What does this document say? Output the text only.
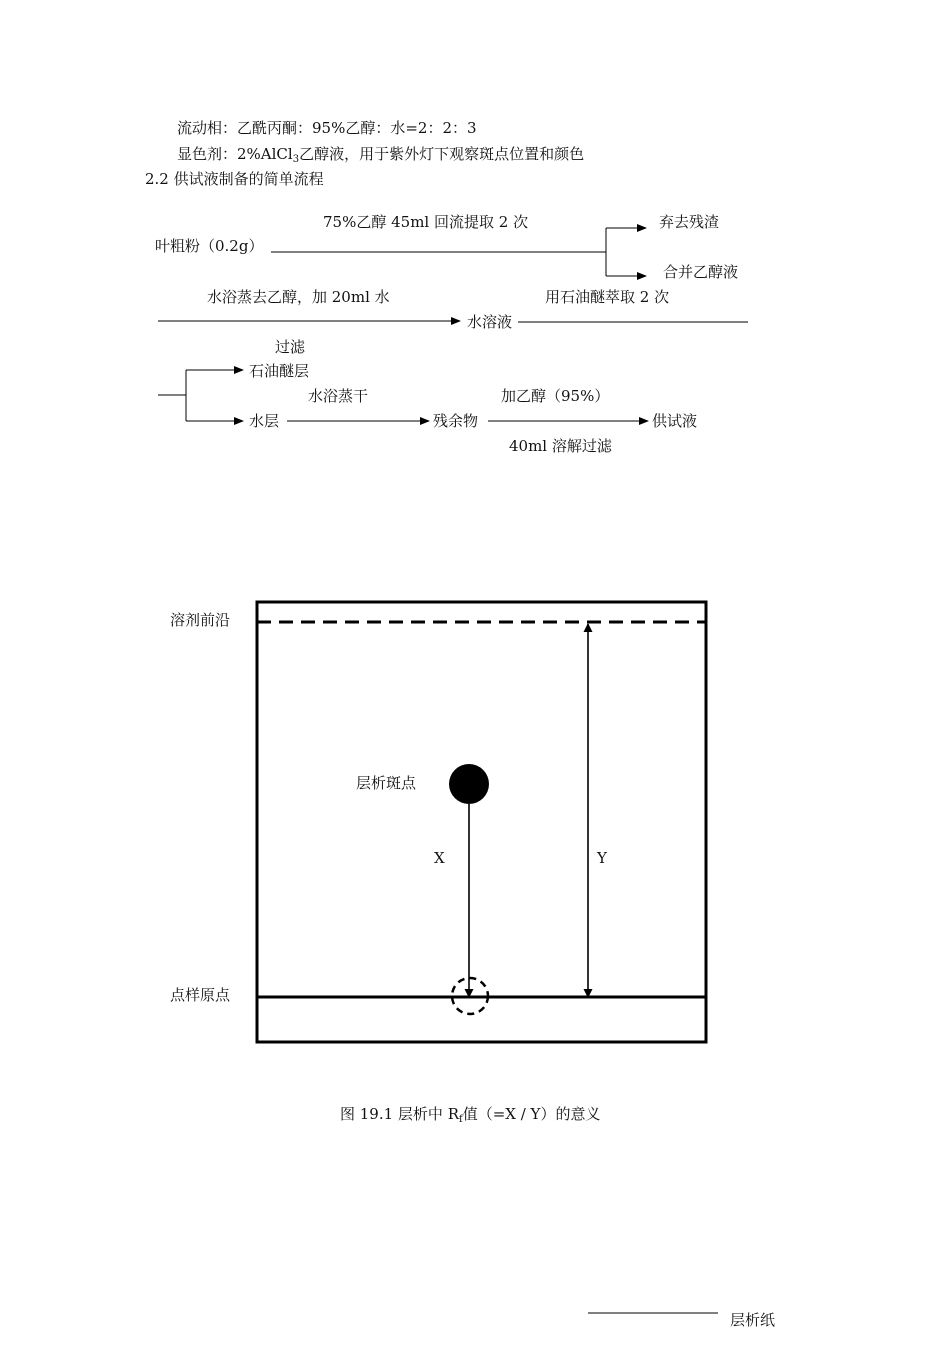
流动相：乙酰丙酮：95%乙醇：水=2：2：3
显色剂：2%AlCl$_3$乙醇液，用于紫外灯下观察斑点位置和颜色
2.2 供试液制备的简单流程
75%乙醇 45ml 回流提取 2 次
叶粗粉（0.2g）
弃去残渣
合并乙醇液
水浴蒸去乙醇，加 20ml 水	用石油醚萃取 2 次
水溶液
过滤
石油醚层
水浴蒸干	加乙醇（95%）
水层	残余物	供试液
40ml 溶解过滤
溶剂前沿
层析斑点
X	Y
点样原点
图 19.1 层析中 $R_f$值（=X / Y）的意义
层析纸
